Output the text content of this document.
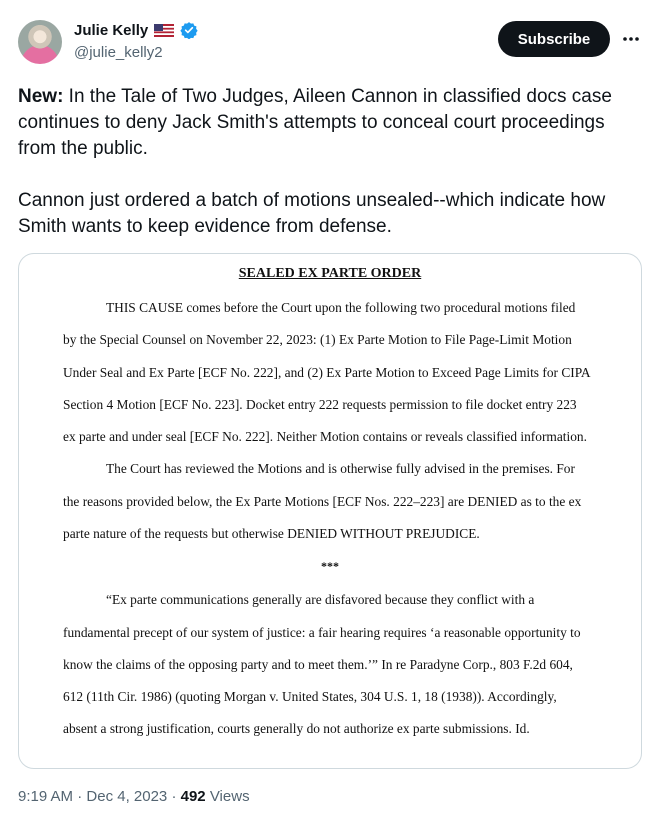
Julie Kelly
@julie_kelly2
Subscribe

New: In the Tale of Two Judges, Aileen Cannon in classified docs case continues to deny Jack Smith's attempts to conceal court proceedings from the public.

Cannon just ordered a batch of motions unsealed--which indicate how Smith wants to keep evidence from defense.

SEALED EX PARTE ORDER
THIS CAUSE comes before the Court upon the following two procedural motions filed
by the Special Counsel on November 22, 2023: (1) Ex Parte Motion to File Page-Limit Motion
Under Seal and Ex Parte [ECF No. 222], and (2) Ex Parte Motion to Exceed Page Limits for CIPA
Section 4 Motion [ECF No. 223]. Docket entry 222 requests permission to file docket entry 223
ex parte and under seal [ECF No. 222]. Neither Motion contains or reveals classified information.
The Court has reviewed the Motions and is otherwise fully advised in the premises. For
the reasons provided below, the Ex Parte Motions [ECF Nos. 222–223] are DENIED as to the ex
parte nature of the requests but otherwise DENIED WITHOUT PREJUDICE.
***
“Ex parte communications generally are disfavored because they conflict with a
fundamental precept of our system of justice: a fair hearing requires ‘a reasonable opportunity to
know the claims of the opposing party and to meet them.’” In re Paradyne Corp., 803 F.2d 604,
612 (11th Cir. 1986) (quoting Morgan v. United States, 304 U.S. 1, 18 (1938)). Accordingly,
absent a strong justification, courts generally do not authorize ex parte submissions. Id.
9:19 AM · Dec 4, 2023 · 492 Views
